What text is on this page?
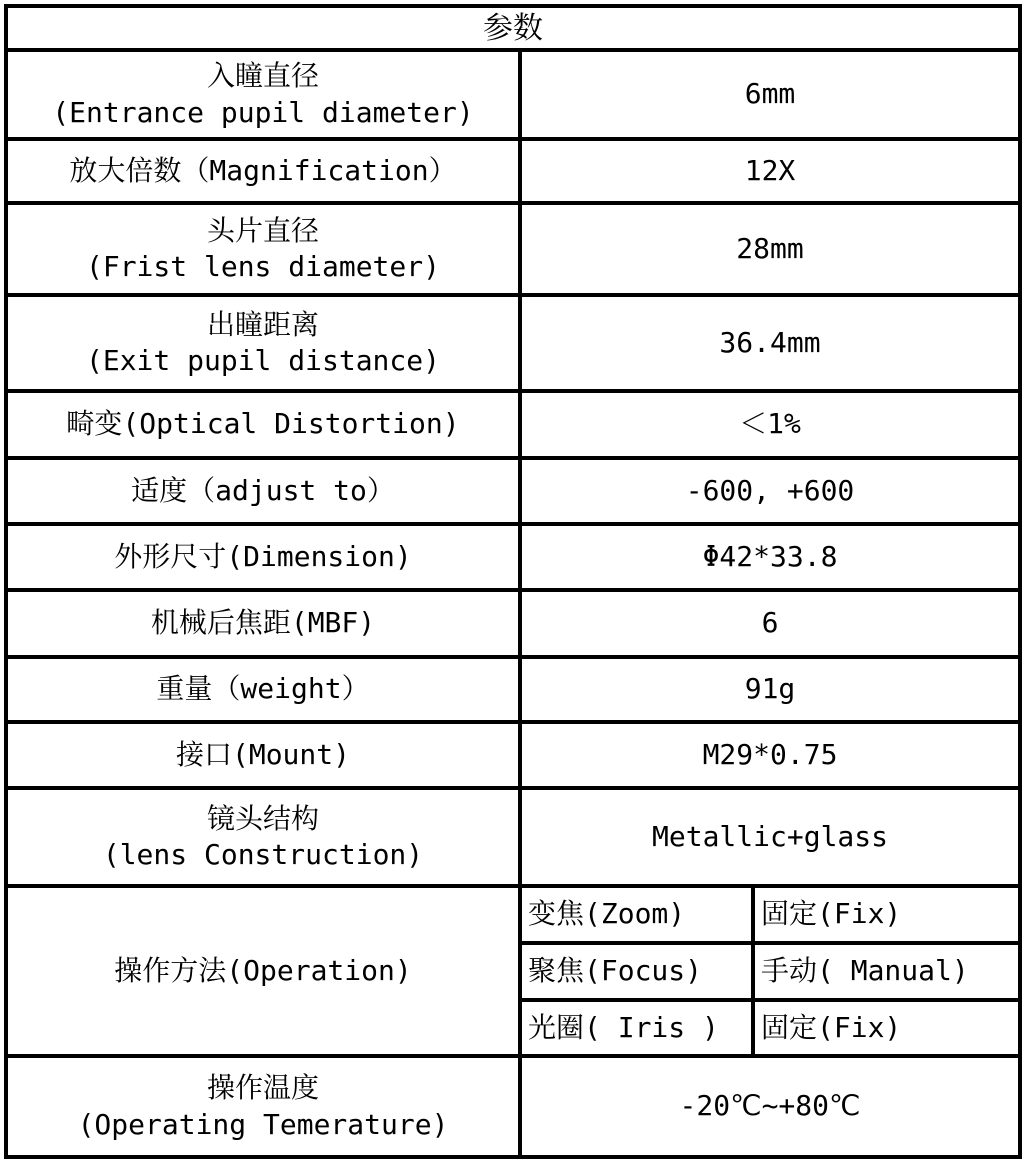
参数		

入瞳直径
(Entrance pupil diameter)	6mm	
放大倍数（Magnification）	12X	

头片直径
(Frist lens diameter)	28mm	

出瞳距离
(Exit pupil distance)	36.4mm	
畸变(Optical Distortion)	＜1%	
适度（adjust to）	-600, +600	
外形尺寸(Dimension)	Φ42*33.8	
机械后焦距(MBF)	6	
重量（weight）	91g	
接口(Mount)	M29*0.75	

镜头结构
(lens Construction)	Metallic+glass	
操作方法(Operation)	变焦(Zoom)	固定(Fix)
	聚焦(Focus)	手动( Manual)
	光圈( Iris )	固定(Fix)

操作温度
(Operating Temerature)	-20℃~+80℃	
